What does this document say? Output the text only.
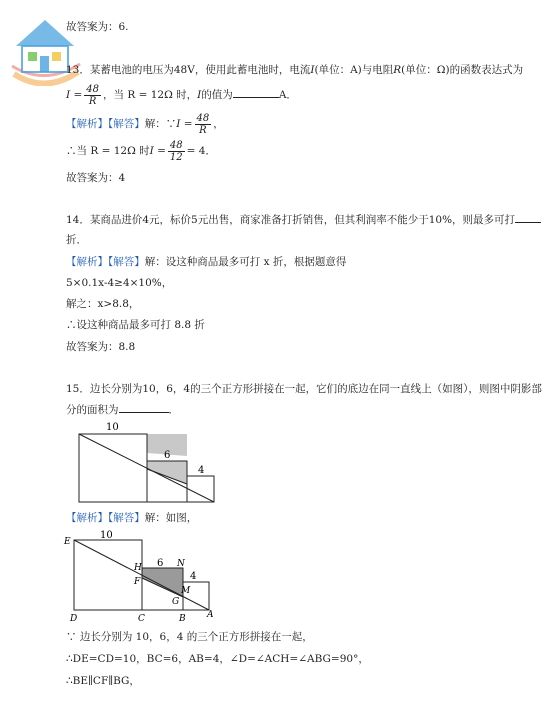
故答案为：6.
13．某蓄电池的电压为48V，使用此蓄电池时，电流I(单位：A)与电阻R(单位：Ω)的函数表达式为
$I = \frac{48}{R}$ ，当 R = 12Ω 时，I的值为	A．
【解析】【解答】解：∵I = $\frac{48}{R}$ ，
∴当 R = 12Ω 时$I = \frac{48}{12} = 4$．
故答案为：4
14．某商品进价4元，标价5元出售，商家准备打折销售，但其利润率不能少于10%，则最多可打
折．
【解析】【解答】解：设这种商品最多可打 x 折，根据题意得
5×0.1x-4≥4×10%，
解之：x>8.8，
∴设这种商品最多可打 8.8 折
故答案为：8.8
15．边长分别为10，6，4的三个正方形拼接在一起，它们的底边在同一直线上（如图），则图中阴影部
分的面积为	．
10
6
4
【解析】【解答】解：如图，
10
6
4
E
H	N
F
M
G
D	C	B A
∵ 边长分别为 10，6，4 的三个正方形拼接在一起，
∴DE=CD=10，BC=6，AB=4，∠D=∠ACH=∠ABG=90°，
∴BE∥CF∥BG，
